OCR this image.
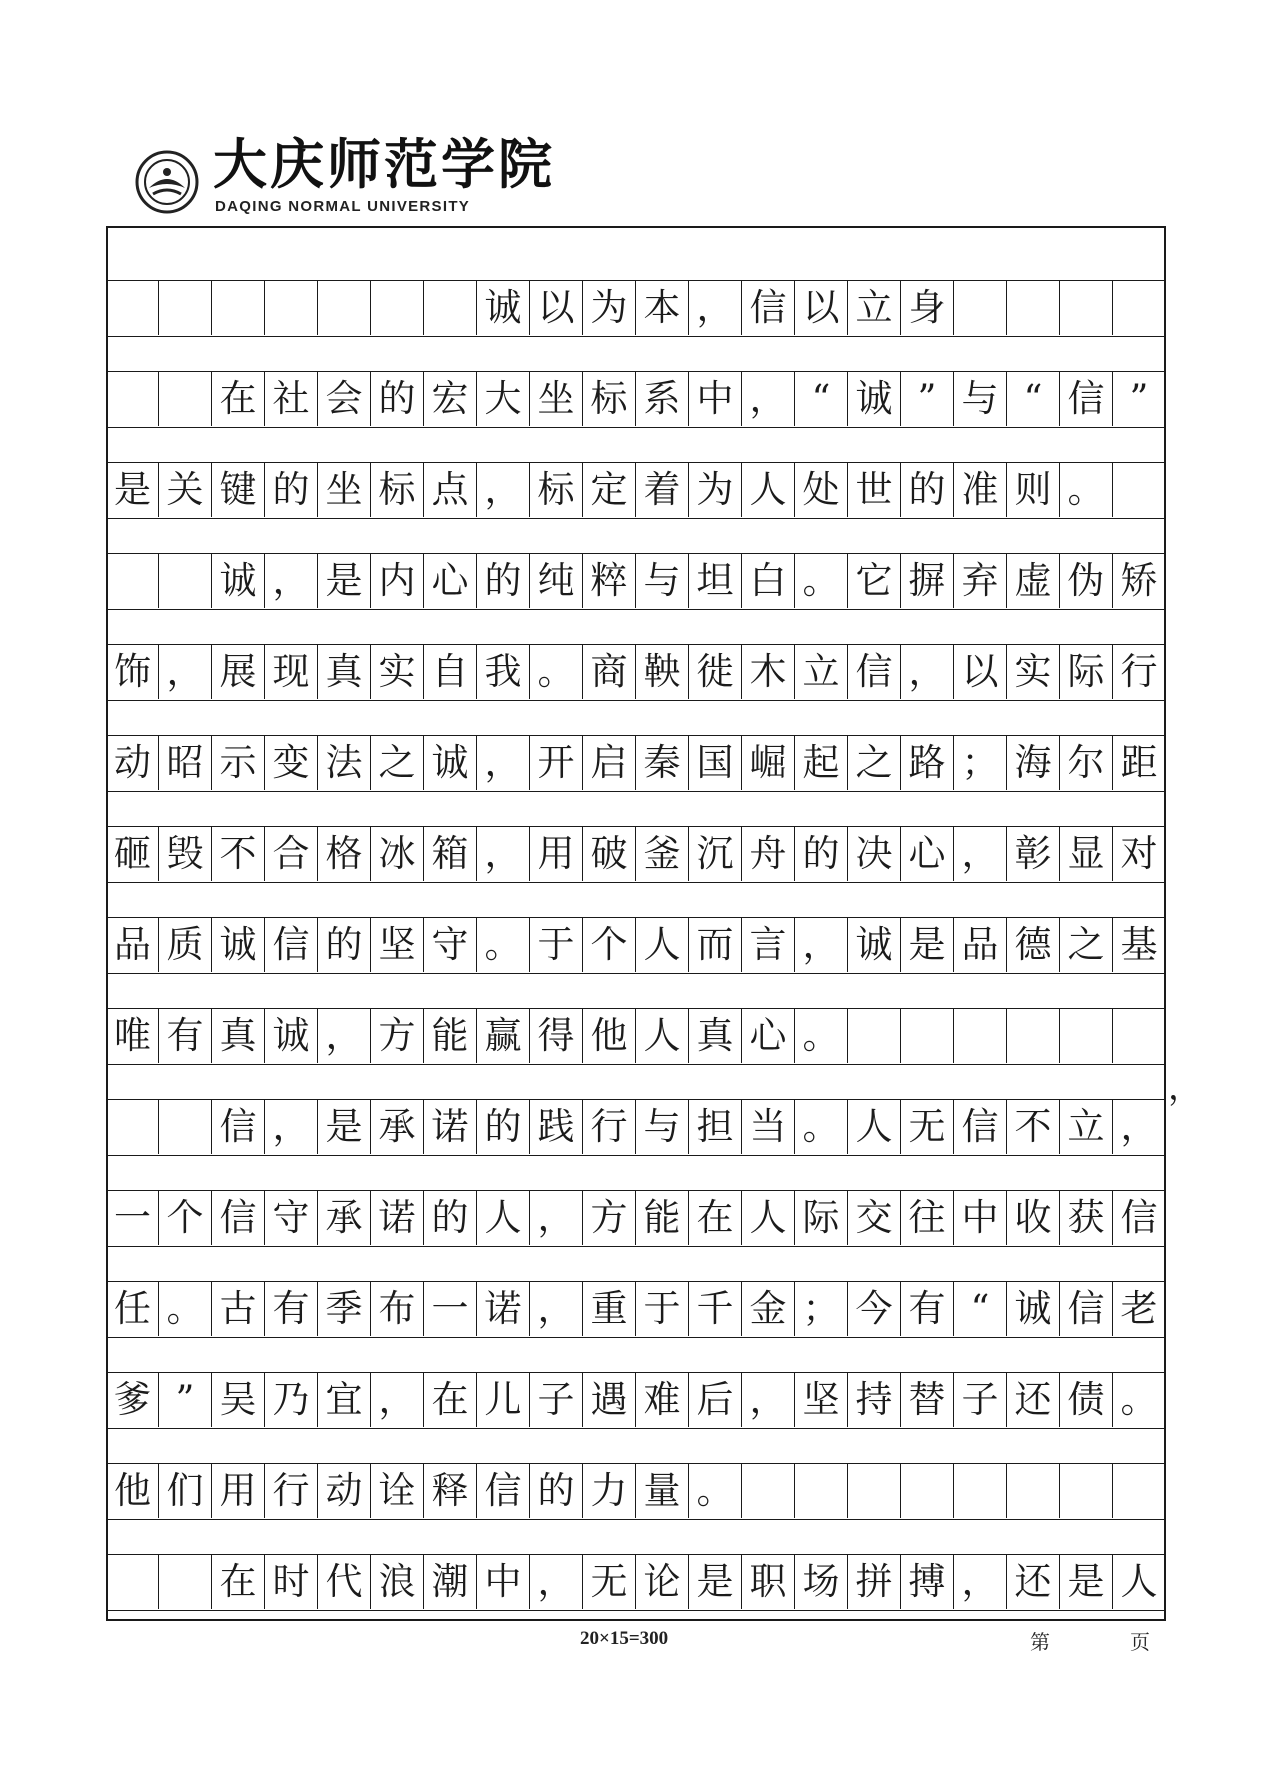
大庆师范学院
DAQING NORMAL UNIVERSITY
诚 以 为 本 ， 信 以 立 身
在 社 会 的 宏 大 坐 标 系 中 ， “ 诚 ” 与 “ 信 ”
是 关 键 的 坐 标 点 ， 标 定 着 为 人 处 世 的 准 则 。
诚 ， 是 内 心 的 纯 粹 与 坦 白 。 它 摒 弃 虚 伪 矫
饰 ， 展 现 真 实 自 我 。 商 鞅 徙 木 立 信 ， 以 实 际 行
动 昭 示 变 法 之 诚 ， 开 启 秦 国 崛 起 之 路 ； 海 尔 距
砸 毁 不 合 格 冰 箱 ， 用 破 釜 沉 舟 的 决 心 ， 彰 显 对
品 质 诚 信 的 坚 守 。 于 个 人 而 言 ， 诚 是 品 德 之 基
唯 有 真 诚 ， 方 能 赢 得 他 人 真 心 。
信 ， 是 承 诺 的 践 行 与 担 当 。 人 无 信 不 立 ，
一 个 信 守 承 诺 的 人 ， 方 能 在 人 际 交 往 中 收 获 信
任 。 古 有 季 布 一 诺 ， 重 于 千 金 ； 今 有 “ 诚 信 老
爹 ” 吴 乃 宜 ， 在 儿 子 遇 难 后 ， 坚 持 替 子 还 债 。
他 们 用 行 动 诠 释 信 的 力 量 。
在 时 代 浪 潮 中 ， 无 论 是 职 场 拼 搏 ， 还 是 人
，
20×15=300	第	页
